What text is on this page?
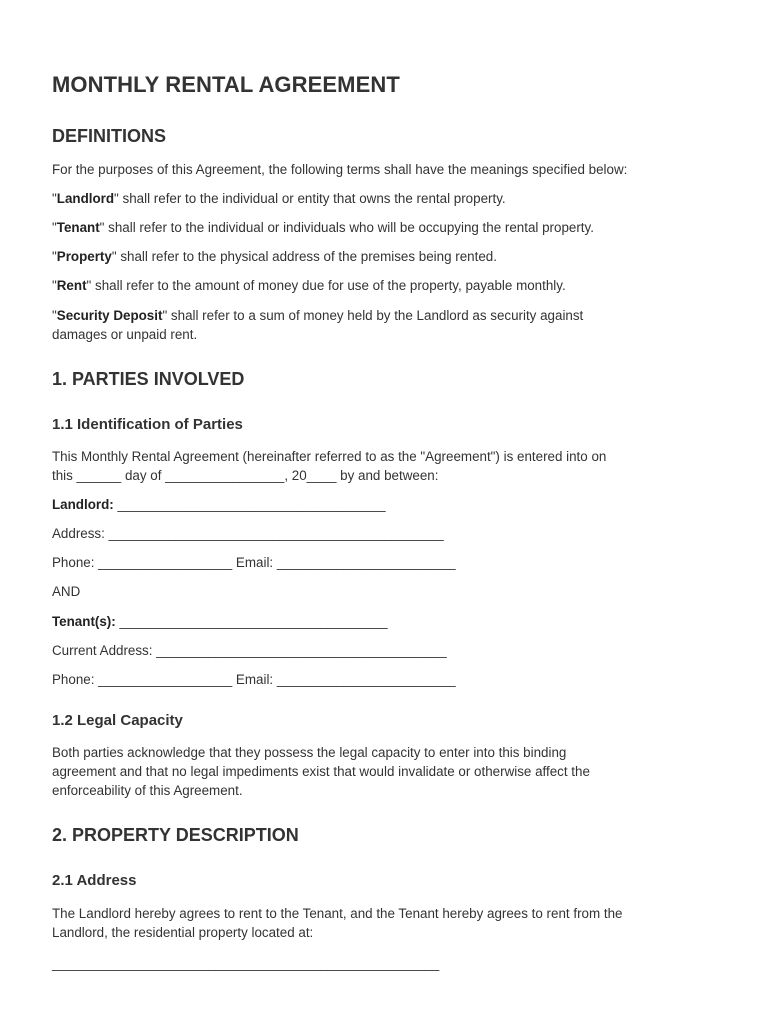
MONTHLY RENTAL AGREEMENT
DEFINITIONS

For the purposes of this Agreement, the following terms shall have the meanings specified below:

"Landlord" shall refer to the individual or entity that owns the rental property.

"Tenant" shall refer to the individual or individuals who will be occupying the rental property.

"Property" shall refer to the physical address of the premises being rented.

"Rent" shall refer to the amount of money due for use of the property, payable monthly.

"Security Deposit" shall refer to a sum of money held by the Landlord as security against

damages or unpaid rent.

1. PARTIES INVOLVED
1.1 Identification of Parties

This Monthly Rental Agreement (hereinafter referred to as the "Agreement") is entered into on

this ______ day of ________________, 20____ by and between:

Landlord: ____________________________________

Address: _____________________________________________

Phone: __________________ Email: ________________________

AND

Tenant(s): ____________________________________

Current Address: _______________________________________

Phone: __________________ Email: ________________________

1.2 Legal Capacity

Both parties acknowledge that they possess the legal capacity to enter into this binding

agreement and that no legal impediments exist that would invalidate or otherwise affect the

enforceability of this Agreement.

2. PROPERTY DESCRIPTION
2.1 Address

The Landlord hereby agrees to rent to the Tenant, and the Tenant hereby agrees to rent from the

Landlord, the residential property located at:

____________________________________________________
